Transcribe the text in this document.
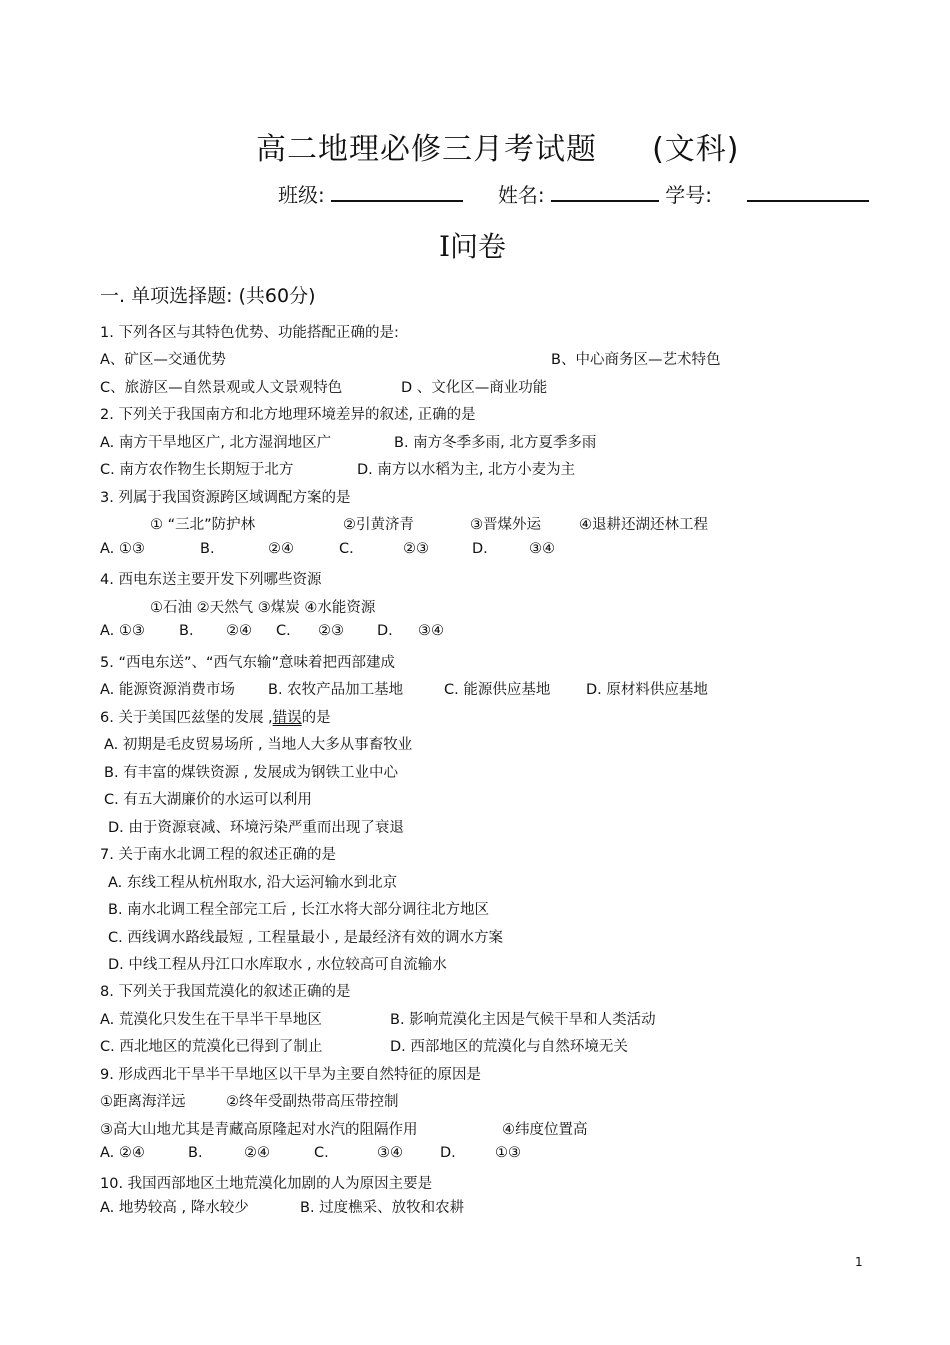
高二地理必修三月考试题 (文科)
班级:	姓名:	学号:
I问卷
一. 单项选择题: (共60分)
1. 下列各区与其特色优势、功能搭配正确的是:
A、矿区—交通优势	B、中心商务区—艺术特色
C、旅游区—自然景观或人文景观特色	D 、文化区—商业功能
2. 下列关于我国南方和北方地理环境差异的叙述, 正确的是
A. 南方干旱地区广, 北方湿润地区广	B. 南方冬季多雨, 北方夏季多雨
C. 南方农作物生长期短于北方	D. 南方以水稻为主, 北方小麦为主
3. 列属于我国资源跨区域调配方案的是
① “三北”防护林	②引黄济青	③晋煤外运	④退耕还湖还林工程
A. ①③	B.	②④	C.	②③	D.	③④
4. 西电东送主要开发下列哪些资源
①石油 ②天然气 ③煤炭 ④水能资源
A. ①③ B. ②④ C. ②③ D. ③④
5. “西电东送”、“西气东输”意味着把西部建成
A. 能源资源消费市场 B. 农牧产品加工基地	C. 能源供应基地 D. 原材料供应基地
6. 关于美国匹兹堡的发展 ,错误的是
A. 初期是毛皮贸易场所 , 当地人大多从事畜牧业
B. 有丰富的煤铁资源 , 发展成为钢铁工业中心
C. 有五大湖廉价的水运可以利用
D. 由于资源衰减、环境污染严重而出现了衰退
7. 关于南水北调工程的叙述正确的是
A. 东线工程从杭州取水, 沿大运河输水到北京
B. 南水北调工程全部完工后 , 长江水将大部分调往北方地区
C. 西线调水路线最短 , 工程量最小 , 是最经济有效的调水方案
D. 中线工程从丹江口水库取水 , 水位较高可自流输水
8. 下列关于我国荒漠化的叙述正确的是
A. 荒漠化只发生在干旱半干旱地区	B. 影响荒漠化主因是气候干旱和人类活动
C. 西北地区的荒漠化已得到了制止	D. 西部地区的荒漠化与自然环境无关
9. 形成西北干旱半干旱地区以干旱为主要自然特征的原因是
①距离海洋远	②终年受副热带高压带控制
③高大山地尤其是青藏高原隆起对水汽的阻隔作用	④纬度位置高
A. ②④	B.	②④	C.	③④	D.	①③
10. 我国西部地区土地荒漠化加剧的人为原因主要是
A. 地势较高 , 降水较少	B. 过度樵采、放牧和农耕
1
